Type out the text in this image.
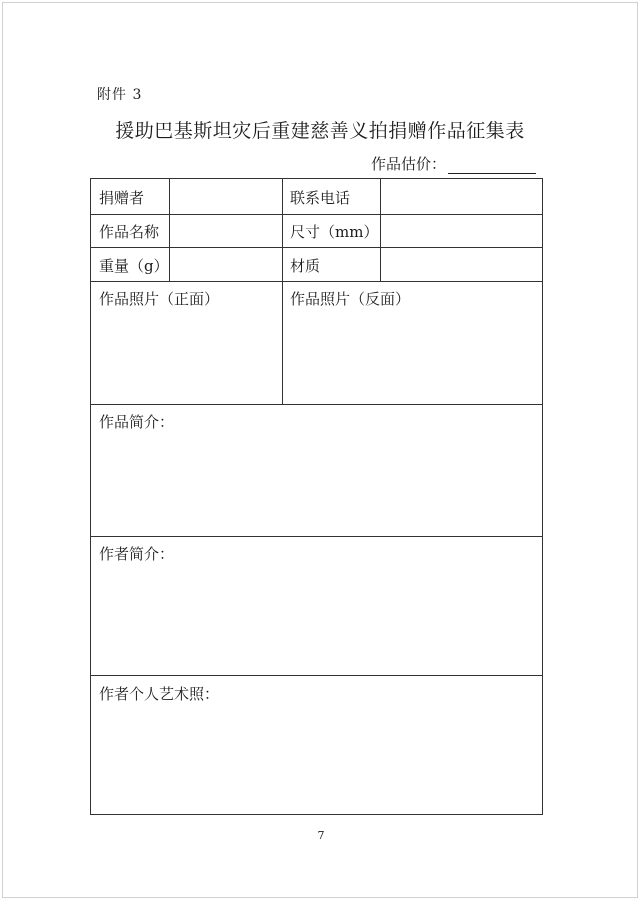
附件 3
援助巴基斯坦灾后重建慈善义拍捐赠作品征集表
作品估价：
捐赠者	联系电话
作品名称	尺寸（mm）
重量（g）	材质
作品照片（正面）	作品照片（反面）
作品简介：
作者简介：
作者个人艺术照：
7
